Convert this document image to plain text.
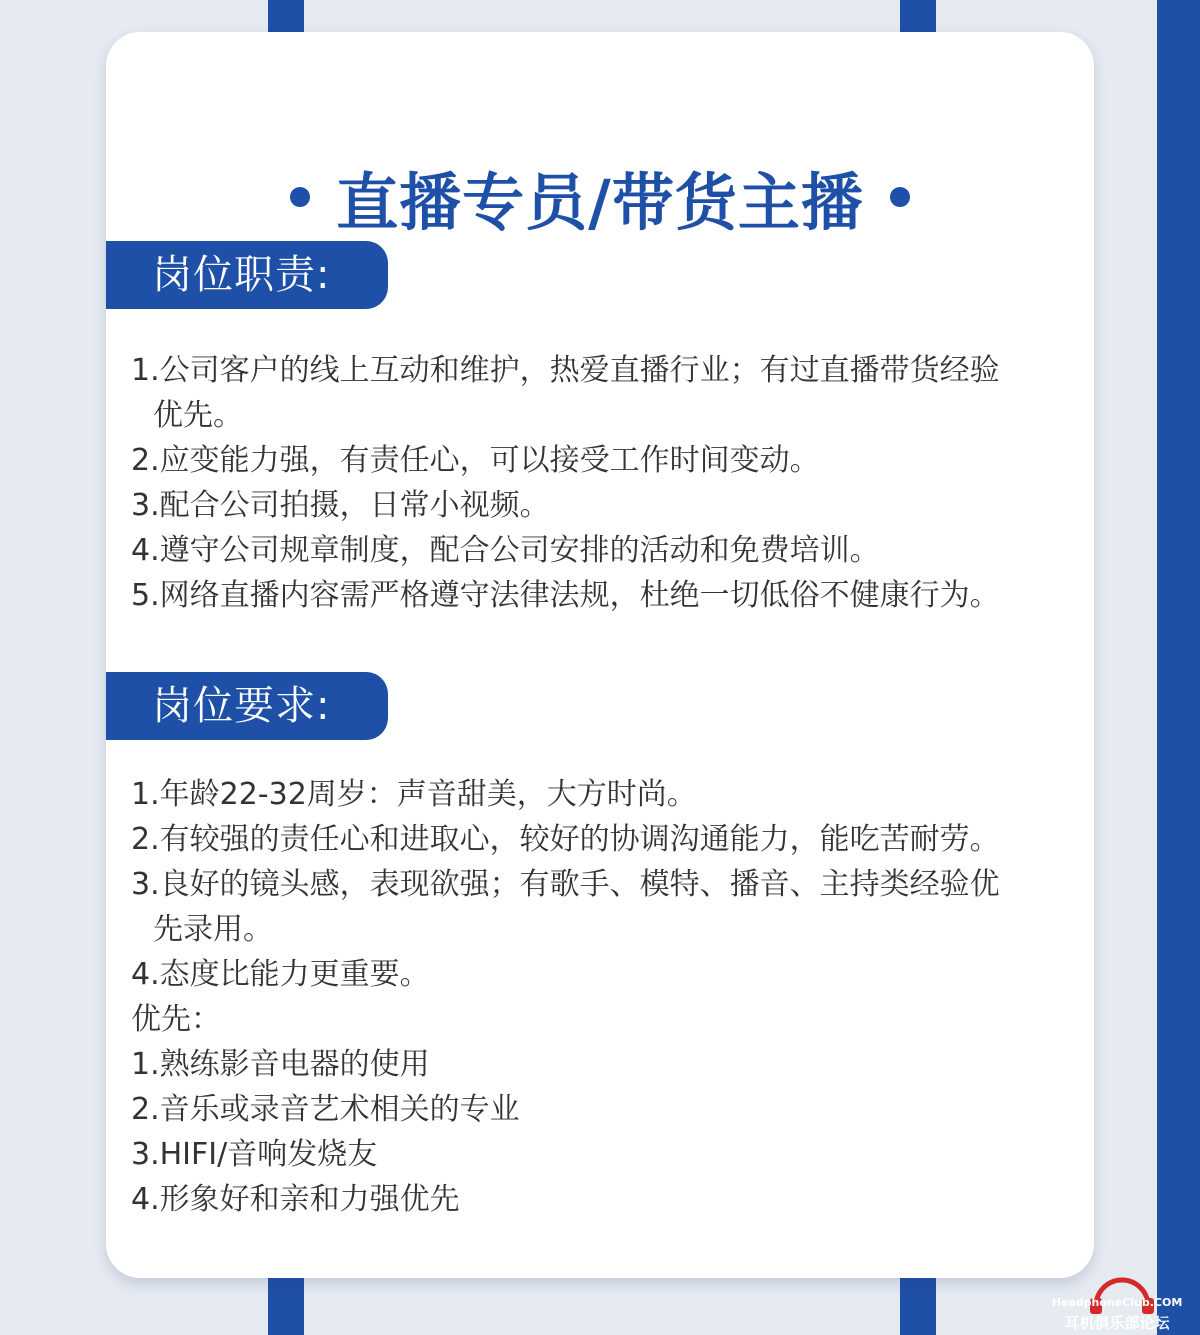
直播专员/带货主播
岗位职责:
1.公司客户的线上互动和维护，热爱直播行业；有过直播带货经验
优先。
2.应变能力强，有责任心，可以接受工作时间变动。
3.配合公司拍摄，日常小视频。
4.遵守公司规章制度，配合公司安排的活动和免费培训。
5.网络直播内容需严格遵守法律法规，杜绝一切低俗不健康行为。
岗位要求:
1.年龄22-32周岁：声音甜美，大方时尚。
2.有较强的责任心和进取心，较好的协调沟通能力，能吃苦耐劳。
3.良好的镜头感，表现欲强；有歌手、模特、播音、主持类经验优
先录用。
4.态度比能力更重要。
优先：
1.熟练影音电器的使用
2.音乐或录音艺术相关的专业
3.HIFI/音响发烧友
4.形象好和亲和力强优先
HeadphoneClub.COM
耳机俱乐部论坛
